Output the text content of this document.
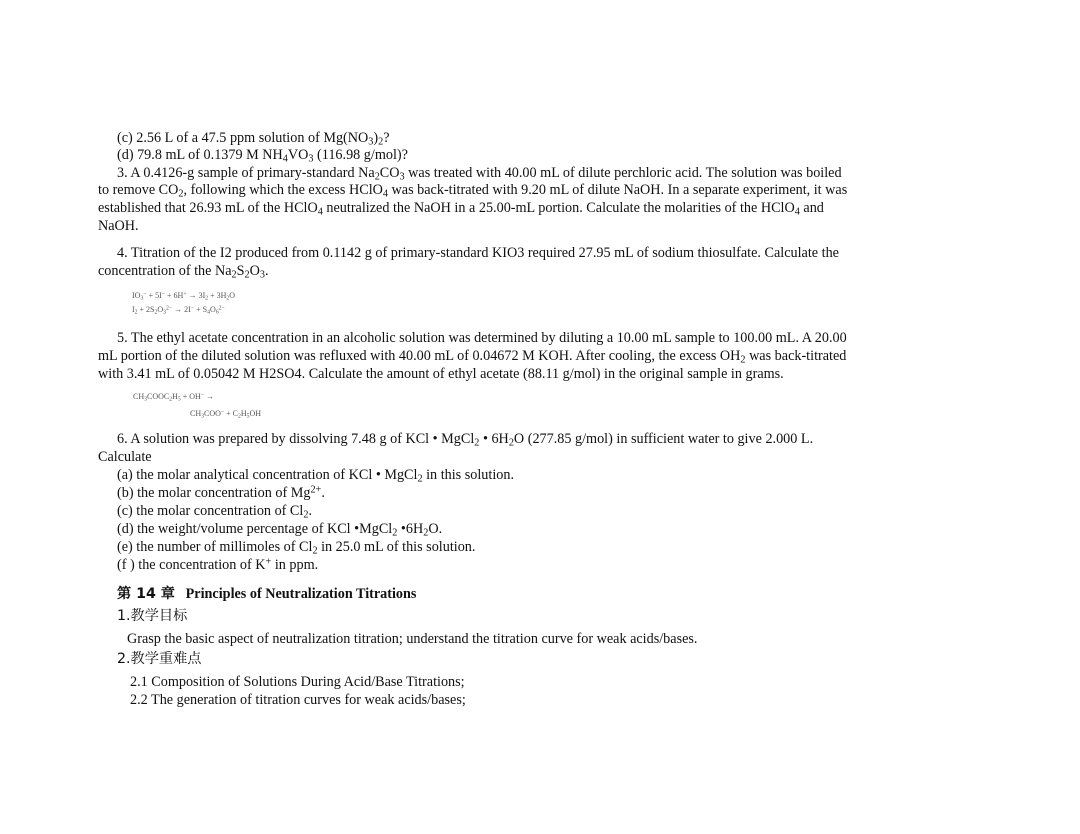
(c) 2.56 L of a 47.5 ppm solution of $Mg(NO_3)_2$?
(d) 79.8 mL of 0.1379 M $NH_4VO_3$ (116.98 g/mol)?
3. A 0.4126-g sample of primary-standard $Na_2CO_3$ was treated with 40.00 mL of dilute perchloric acid. The solution was boiled
to remove $CO_2$, following which the excess HClO$_4$ was back-titrated with 9.20 mL of dilute NaOH. In a separate experiment, it was
established that 26.93 mL of the HClO$_4$ neutralized the NaOH in a 25.00-mL portion. Calculate the molarities of the HClO$_4$ and
NaOH.
4. Titration of the I2 produced from 0.1142 g of primary-standard KIO3 required 27.95 mL of sodium thiosulfate. Calculate the
concentration of the $Na_2S_2O_3$.
$IO_3^- + 5I^- + 6H^+ \to 3I_2 + 3H_2O$
$I_2 + 2S_2O_3^{2-} \to 2I^- + S_4O_6^{2-}$
5. The ethyl acetate concentration in an alcoholic solution was determined by diluting a 10.00 mL sample to 100.00 mL. A 20.00
mL portion of the diluted solution was refluxed with 40.00 mL of 0.04672 M KOH. After cooling, the excess $OH_2$ was back-titrated
with 3.41 mL of 0.05042 M H2SO4. Calculate the amount of ethyl acetate (88.11 g/mol) in the original sample in grams.
$CH_3COOC_2H_5 + OH^-$ →
$CH_3COO^- + C_2H_5OH$
6. A solution was prepared by dissolving 7.48 g of KCl • MgCl$_2$ • $6H_2O$ (277.85 g/mol) in sufficient water to give 2.000 L.
Calculate
(a) the molar analytical concentration of KCl • MgCl$_2$ in this solution.
(b) the molar concentration of $Mg^{2+}$.
(c) the molar concentration of $Cl_2$.
(d) the weight/volume percentage of KCl •MgCl$_2$ $•6H_2O$.
(e) the number of millimoles of $Cl_2$ in 25.0 mL of this solution.
(f ) the concentration of K+ in ppm.
第 14 章 Principles of Neutralization Titrations
1.教学目标
Grasp the basic aspect of neutralization titration; understand the titration curve for weak acids/bases.
2.教学重难点
2.1 Composition of Solutions During Acid/Base Titrations;
2.2 The generation of titration curves for weak acids/bases;
